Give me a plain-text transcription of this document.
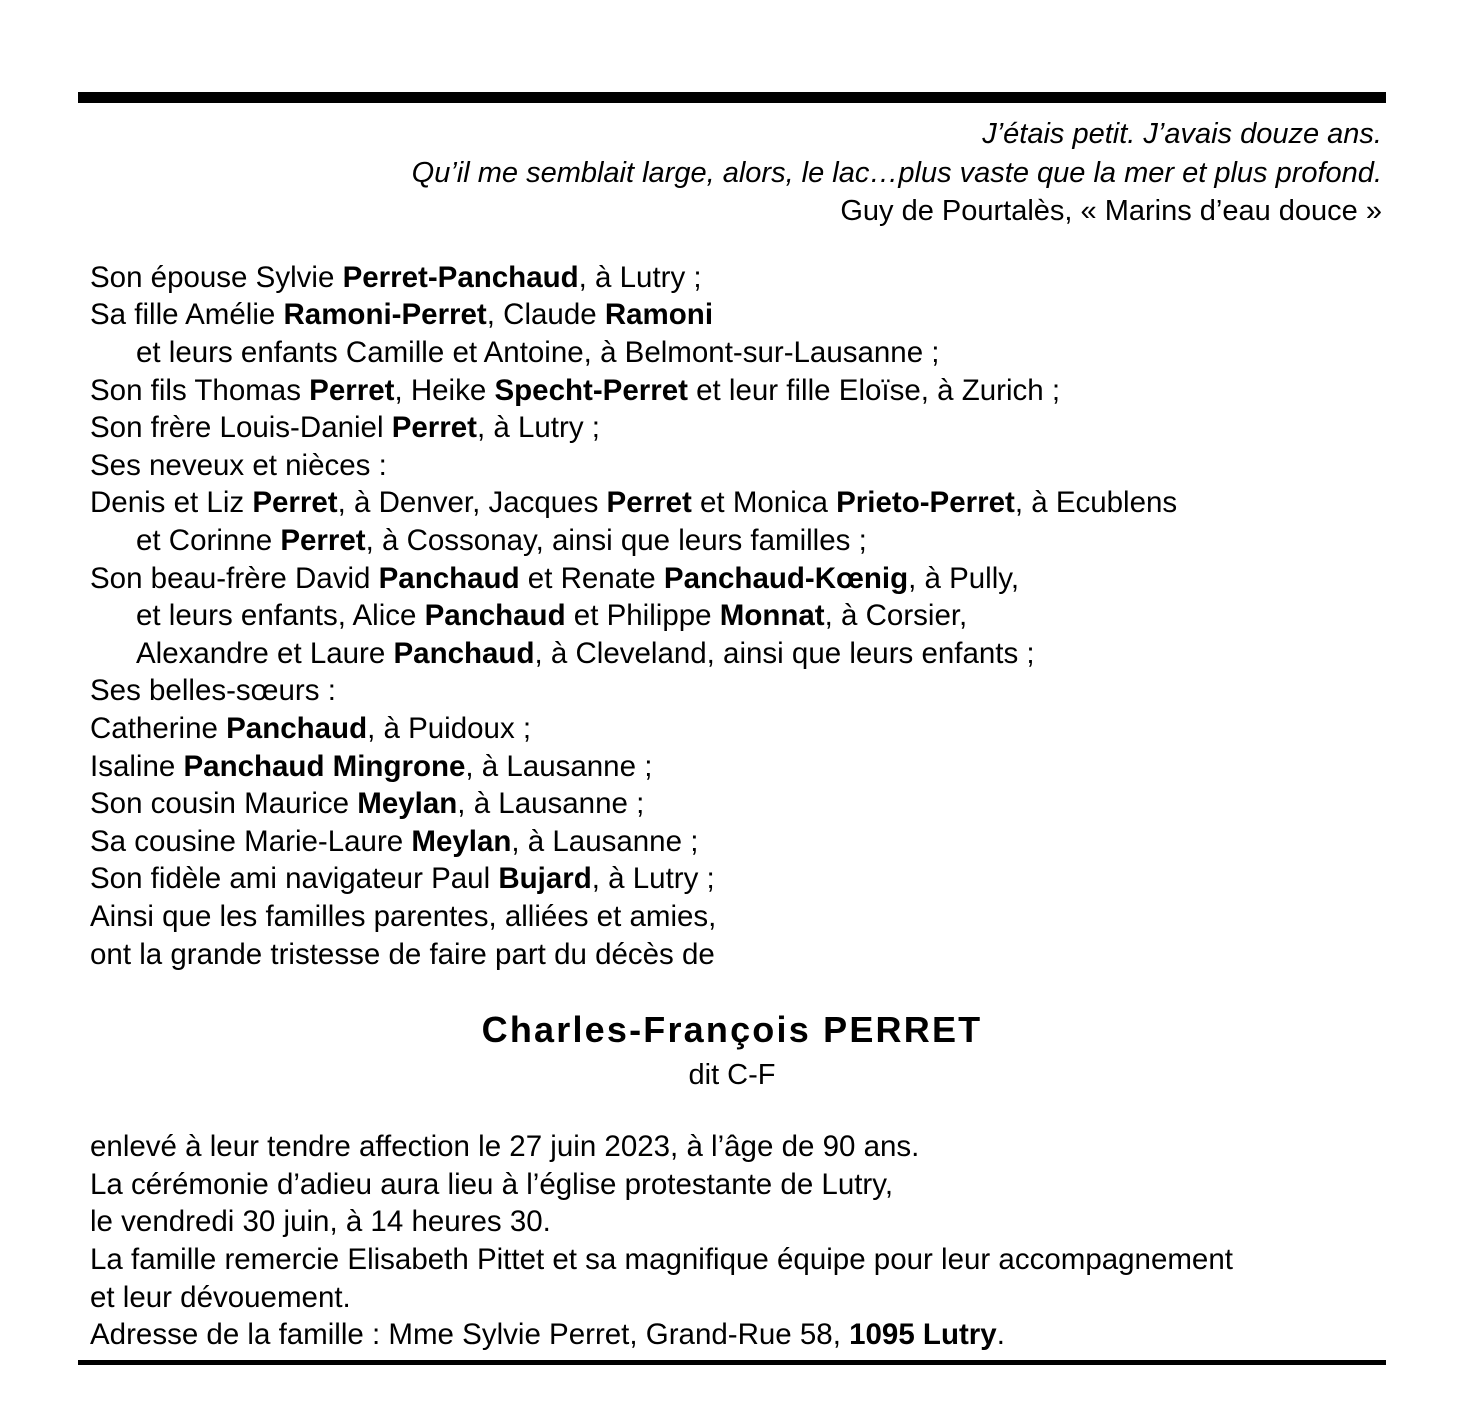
J’étais petit. J’avais douze ans.
Qu’il me semblait large, alors, le lac…plus vaste que la mer et plus profond.
Guy de Pourtalès, « Marins d’eau douce »
Son épouse Sylvie Perret-Panchaud, à Lutry ;
Sa fille Amélie Ramoni-Perret, Claude Ramoni
et leurs enfants Camille et Antoine, à Belmont-sur-Lausanne ;
Son fils Thomas Perret, Heike Specht-Perret et leur fille Eloïse, à Zurich ;
Son frère Louis-Daniel Perret, à Lutry ;
Ses neveux et nièces :
Denis et Liz Perret, à Denver, Jacques Perret et Monica Prieto-Perret, à Ecublens
et Corinne Perret, à Cossonay, ainsi que leurs familles ;
Son beau-frère David Panchaud et Renate Panchaud-Kœnig, à Pully,
et leurs enfants, Alice Panchaud et Philippe Monnat, à Corsier,
Alexandre et Laure Panchaud, à Cleveland, ainsi que leurs enfants ;
Ses belles-sœurs :
Catherine Panchaud, à Puidoux ;
Isaline Panchaud Mingrone, à Lausanne ;
Son cousin Maurice Meylan, à Lausanne ;
Sa cousine Marie-Laure Meylan, à Lausanne ;
Son fidèle ami navigateur Paul Bujard, à Lutry ;
Ainsi que les familles parentes, alliées et amies,
ont la grande tristesse de faire part du décès de
Charles-François PERRET
dit C-F
enlevé à leur tendre affection le 27 juin 2023, à l’âge de 90 ans.
La cérémonie d’adieu aura lieu à l’église protestante de Lutry,
le vendredi 30 juin, à 14 heures 30.
La famille remercie Elisabeth Pittet et sa magnifique équipe pour leur accompagnement
et leur dévouement.
Adresse de la famille : Mme Sylvie Perret, Grand-Rue 58, 1095 Lutry.
